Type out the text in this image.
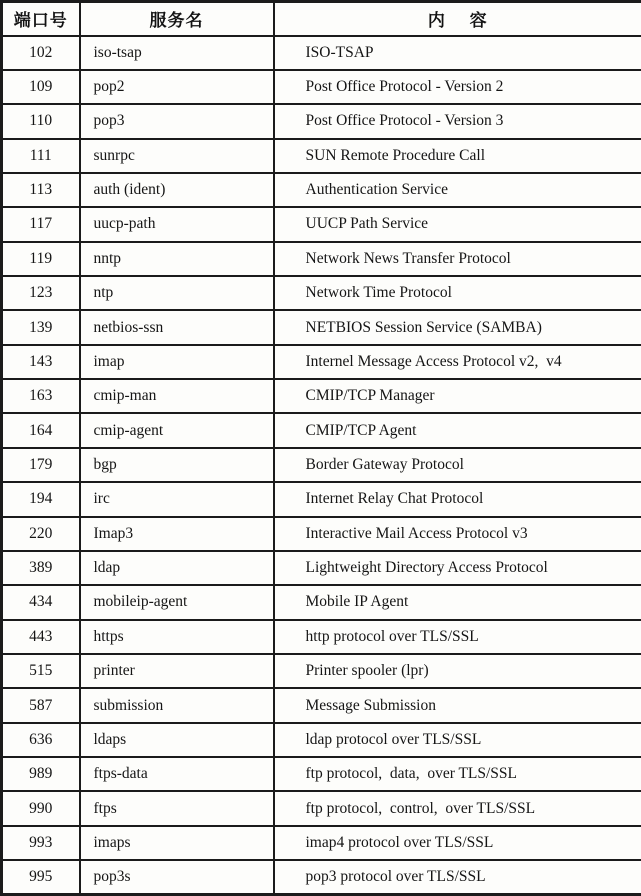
端口号	服务名	内 容
102	iso-tsap	ISO-TSAP
109	pop2	Post Office Protocol - Version 2
110	pop3	Post Office Protocol - Version 3
111	sunrpc	SUN Remote Procedure Call
113	auth (ident)	Authentication Service
117	uucp-path	UUCP Path Service
119	nntp	Network News Transfer Protocol
123	ntp	Network Time Protocol
139	netbios-ssn	NETBIOS Session Service (SAMBA)
143	imap	Internel Message Access Protocol v2,  v4
163	cmip-man	CMIP/TCP Manager
164	cmip-agent	CMIP/TCP Agent
179	bgp	Border Gateway Protocol
194	irc	Internet Relay Chat Protocol
220	Imap3	Interactive Mail Access Protocol v3
389	ldap	Lightweight Directory Access Protocol
434	mobileip-agent	Mobile IP Agent
443	https	http protocol over TLS/SSL
515	printer	Printer spooler (lpr)
587	submission	Message Submission
636	ldaps	ldap protocol over TLS/SSL
989	ftps-data	ftp protocol,  data,  over TLS/SSL
990	ftps	ftp protocol,  control,  over TLS/SSL
993	imaps	imap4 protocol over TLS/SSL
995	pop3s	pop3 protocol over TLS/SSL
